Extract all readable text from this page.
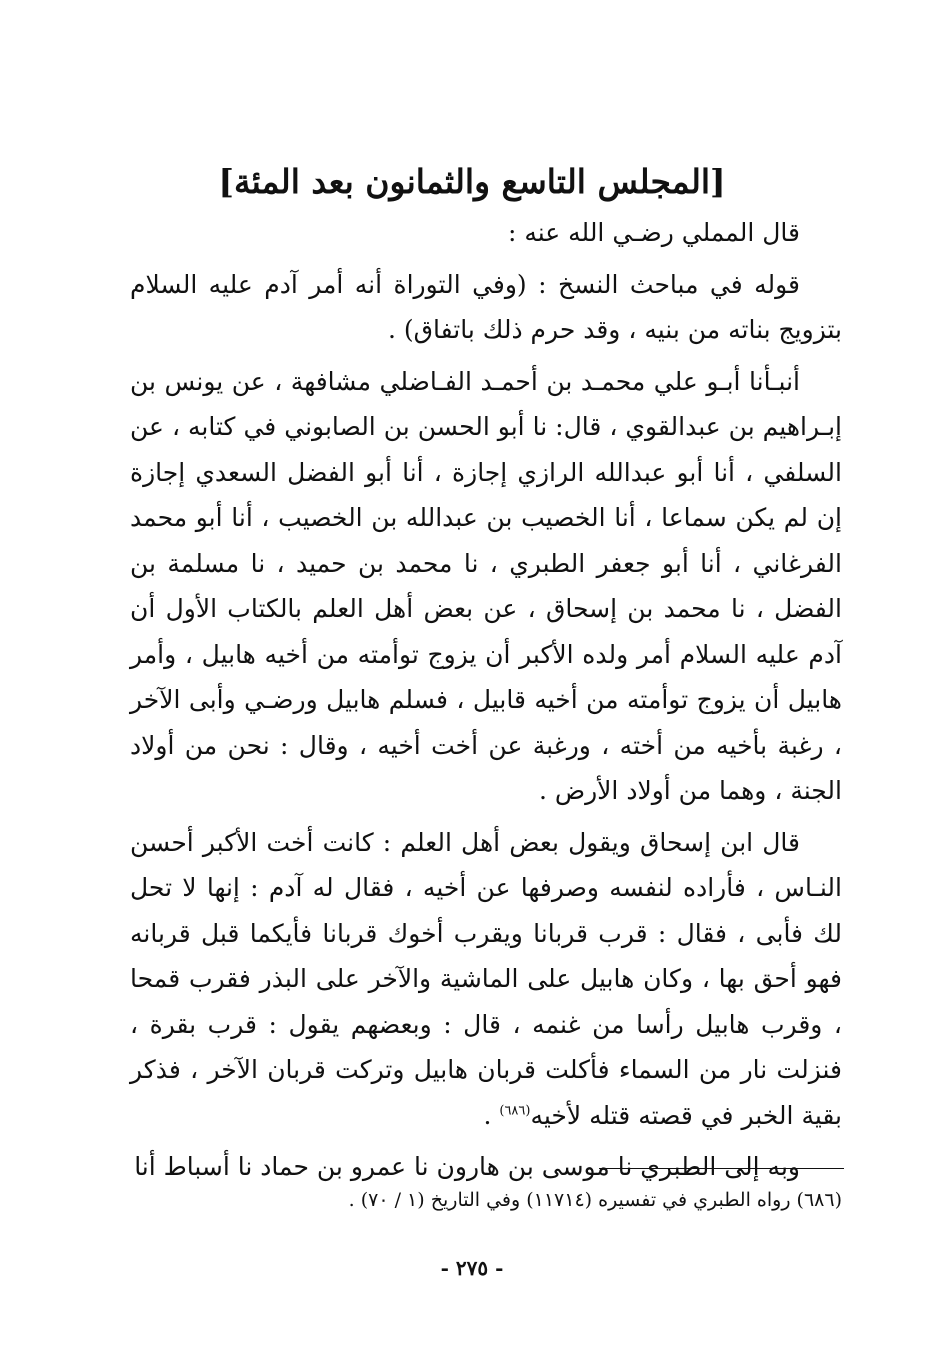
[المجلس التاسع والثمانون بعد المئة]

قال المملي رضـي الله عنه :

قوله في مباحث النسخ : (وفي التوراة أنه أمر آدم عليه السلام بتزويج بناته من بنيه ، وقد حرم ذلك باتفاق) .

أنبـأنا أبـو علي محمـد بن أحمـد الفـاضلي مشافهة ، عن يونس بن إبـراهيم بن عبدالقوي ، قال: نا أبو الحسن بن الصابوني في كتابه ، عن السلفي ، أنا أبو عبدالله الرازي إجازة ، أنا أبو الفضل السعدي إجازة إن لم يكن سماعا ، أنا الخصيب بن عبدالله بن الخصيب ، أنا أبو محمد الفرغاني ، أنا أبو جعفر الطبري ، نا محمد بن حميد ، نا مسلمة بن الفضل ، نا محمد بن إسحاق ، عن بعض أهل العلم بالكتاب الأول أن آدم عليه السلام أمر ولده الأكبر أن يزوج توأمته من أخيه هابيل ، وأمر هابيل أن يزوج توأمته من أخيه قابيل ، فسلم هابيل ورضـي وأبى الآخر ، رغبة بأخيه من أخته ، ورغبة عن أخت أخيه ، وقال : نحن من أولاد الجنة ، وهما من أولاد الأرض .

قال ابن إسحاق ويقول بعض أهل العلم : كانت أخت الأكبر أحسن النـاس ، فأراده لنفسه وصرفها عن أخيه ، فقال له آدم : إنها لا تحل لك فأبى ، فقال : قرب قربانا ويقرب أخوك قربانا فأيكما قبل قربانه فهو أحق بها ، وكان هابيل على الماشية والآخر على البذر فقرب قمحا ، وقرب هابيل رأسا من غنمه ، قال : وبعضهم يقول : قرب بقرة ، فنزلت نار من السماء فأكلت قربان هابيل وتركت قربان الآخر ، فذكر بقية الخبر في قصته قتله لأخيه$^{(٦٨٦)}$ .

وبه إلى الطبري نا موسى بن هارون نا عمرو بن حماد نا أسباط أنا

(٦٨٦) رواه الطبري في تفسيره (١١٧١٤) وفي التاريخ (١ / ٧٠) .
- ٢٧٥ -
